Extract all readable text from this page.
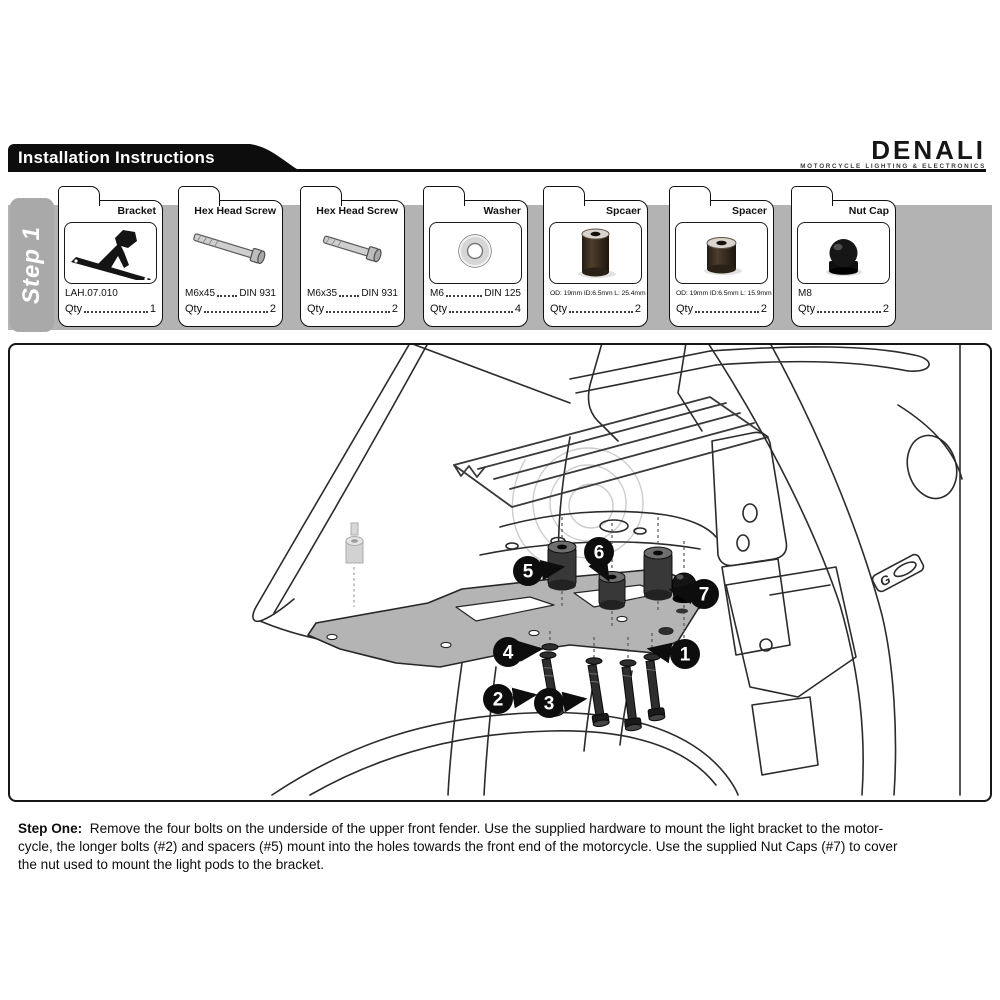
Installation Instructions	DENALI
MOTORCYCLE LIGHTING & ELECTRONICS
Step 1
Bracket
LAH.07.010
Qty	1
Hex Head Screw
M6x45 DIN 931
Qty	2
Hex Head Screw
M6x35 DIN 931
Qty	2
Washer
M6	DIN 125
Qty	4
Spcaer
OD: 19mm ID:6.5mm L: 25.4mm
Qty	2
Spacer
OD: 19mm ID:6.5mm L: 15.9mm
Qty	2
Nut Cap
M8
Qty	2
G
1
2 3
4
5
6
7
Step One: Remove the four bolts on the underside of the upper front fender. Use the supplied hardware to mount the light bracket to the motor-
cycle, the longer bolts (#2) and spacers (#5) mount into the holes towards the front end of the motorcycle. Use the supplied Nut Caps (#7) to cover
the nut used to mount the light pods to the bracket.
